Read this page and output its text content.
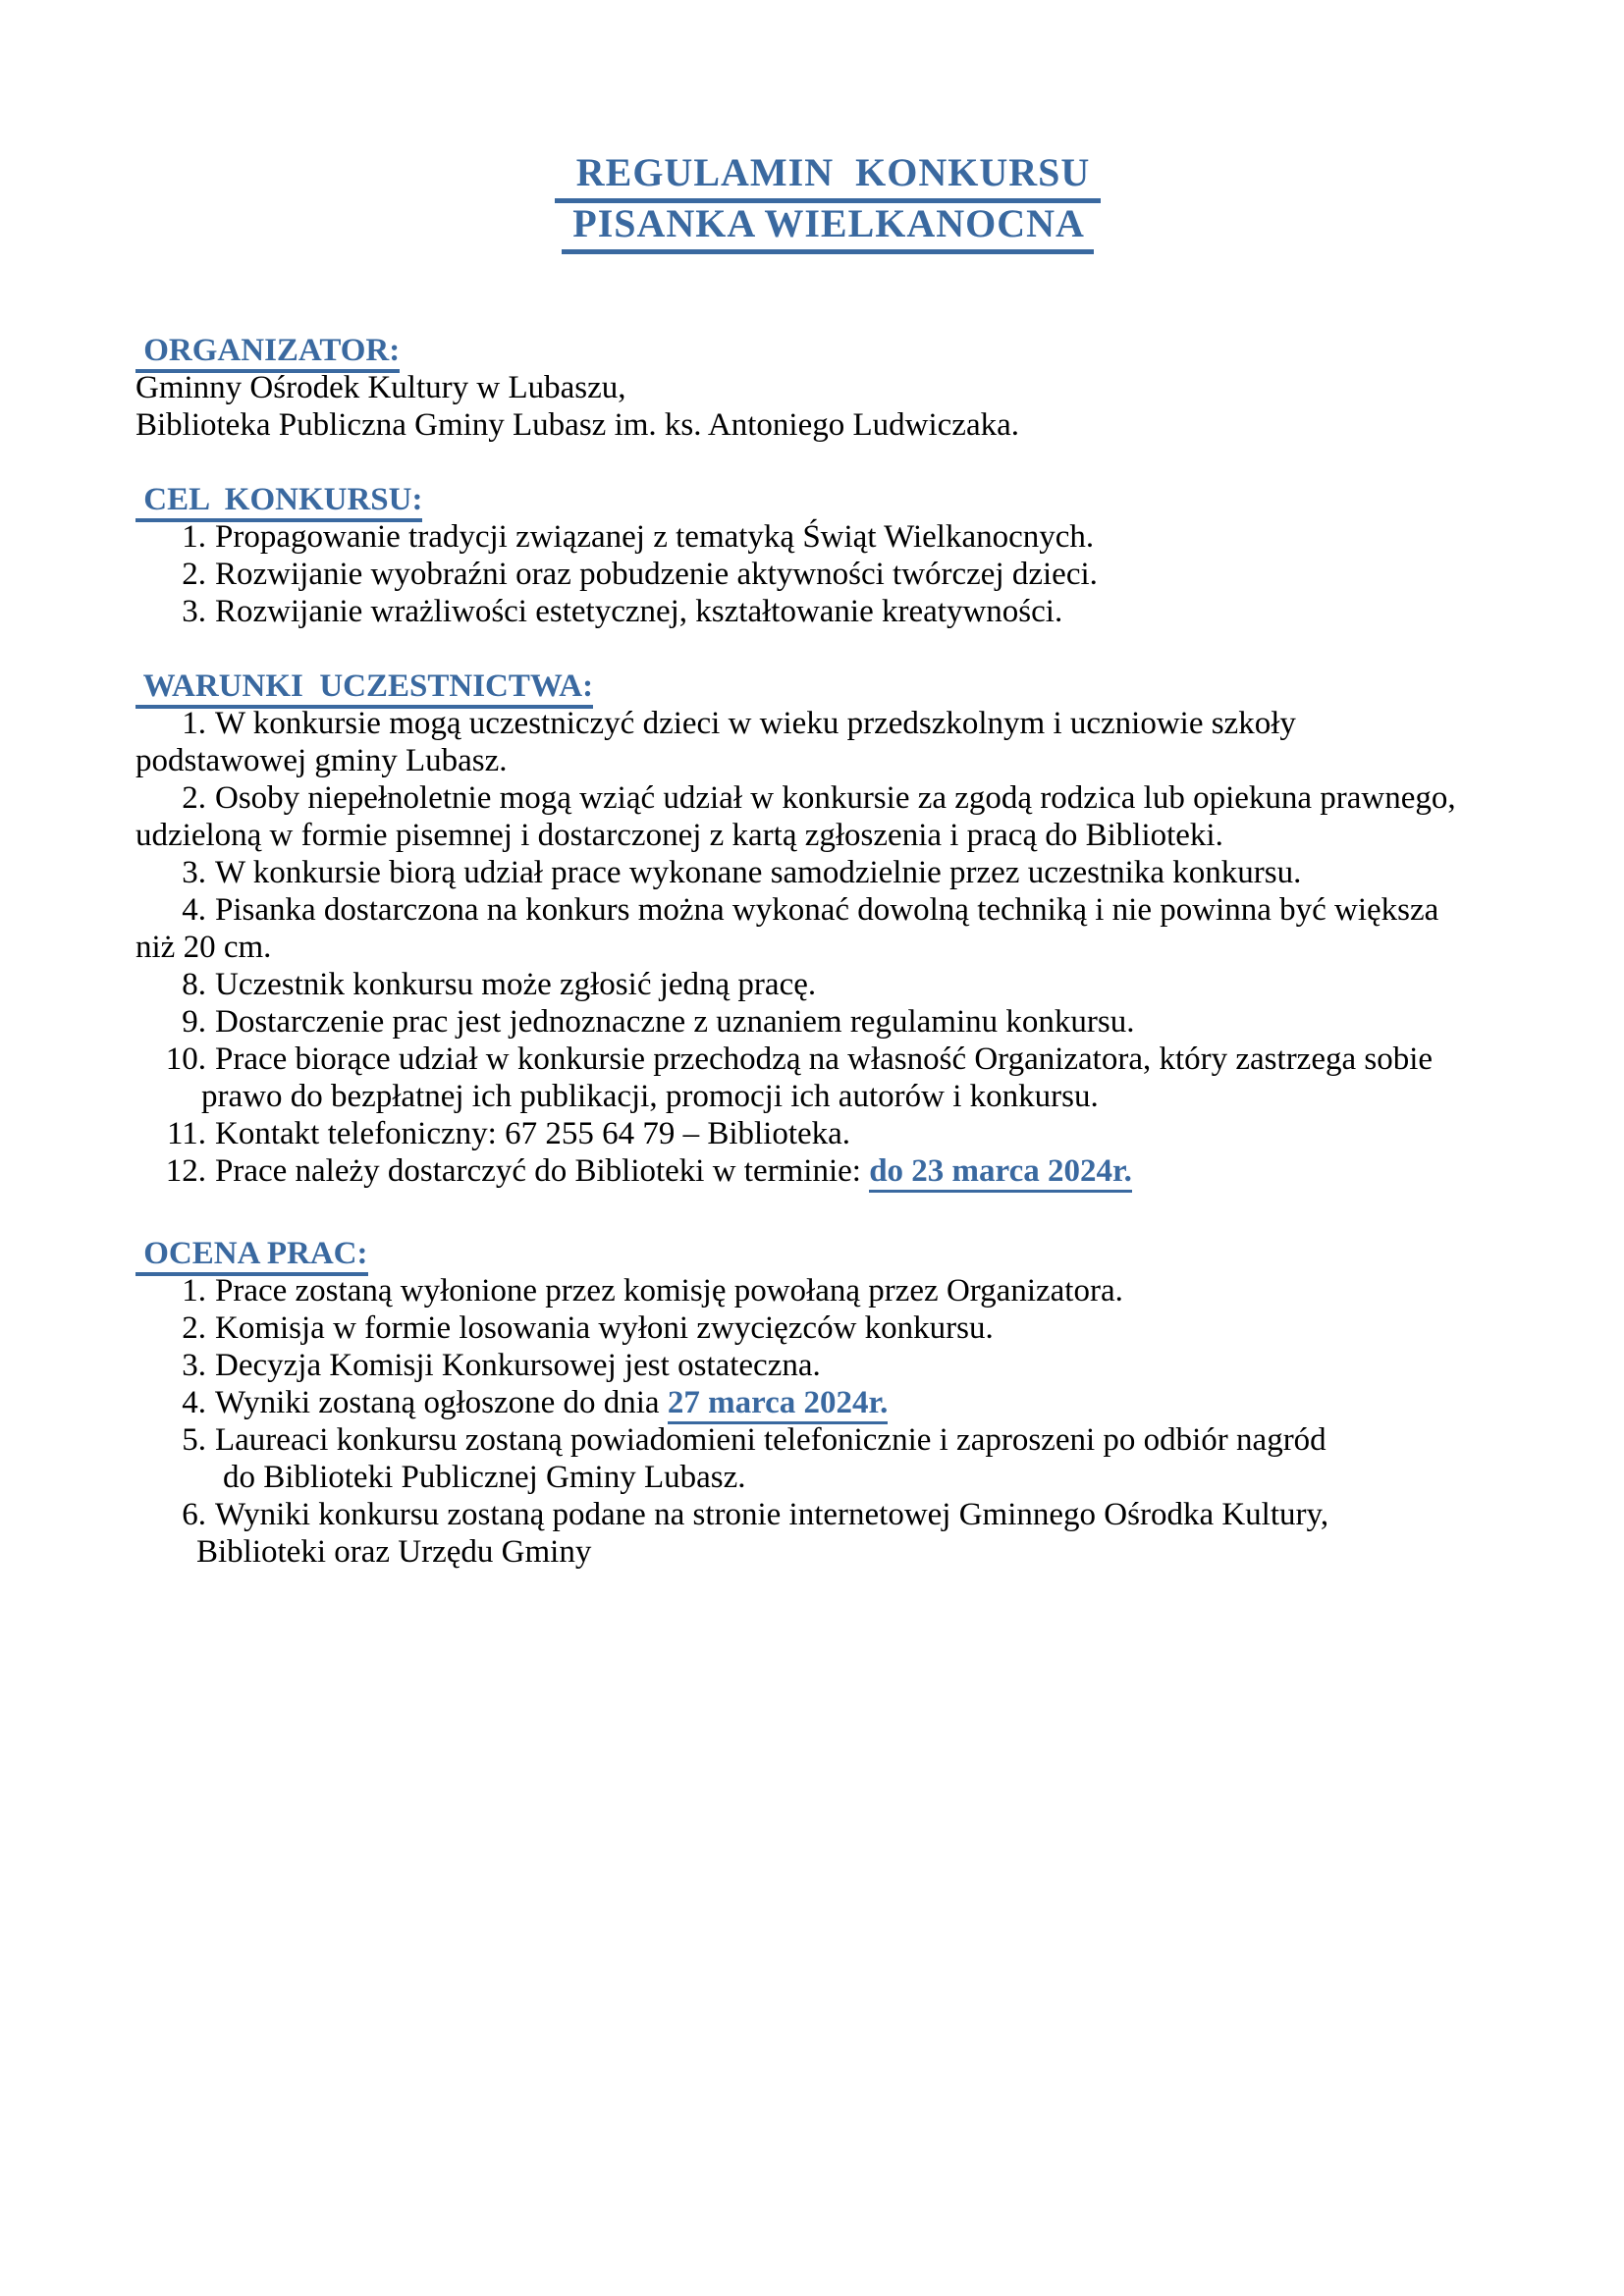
REGULAMIN  KONKURSU
PISANKA WIELKANOCNA
ORGANIZATOR:
Gminny Ośrodek Kultury w Lubaszu,
Biblioteka Publiczna Gminy Lubasz im. ks. Antoniego Ludwiczaka.
CEL  KONKURSU:
1. Propagowanie tradycji związanej z tematyką Świąt Wielkanocnych.
2. Rozwijanie wyobraźni oraz pobudzenie aktywności twórczej dzieci.
3. Rozwijanie wrażliwości estetycznej, kształtowanie kreatywności.
WARUNKI  UCZESTNICTWA:
1. W konkursie mogą uczestniczyć dzieci w wieku przedszkolnym i uczniowie szkoły
podstawowej gminy Lubasz.
2. Osoby niepełnoletnie mogą wziąć udział w konkursie za zgodą rodzica lub opiekuna prawnego,
udzieloną w formie pisemnej i dostarczonej z kartą zgłoszenia i pracą do Biblioteki.
3. W konkursie biorą udział prace wykonane samodzielnie przez uczestnika konkursu.
4. Pisanka dostarczona na konkurs można wykonać dowolną techniką i nie powinna być większa
niż 20 cm.
8. Uczestnik konkursu może zgłosić jedną pracę.
9. Dostarczenie prac jest jednoznaczne z uznaniem regulaminu konkursu.
10. Prace biorące udział w konkursie przechodzą na własność Organizatora, który zastrzega sobie
prawo do bezpłatnej ich publikacji, promocji ich autorów i konkursu.
11. Kontakt telefoniczny: 67 255 64 79 – Biblioteka.
12. Prace należy dostarczyć do Biblioteki w terminie: do 23 marca 2024r.
OCENA PRAC:
1. Prace zostaną wyłonione przez komisję powołaną przez Organizatora.
2. Komisja w formie losowania wyłoni zwycięzców konkursu.
3. Decyzja Komisji Konkursowej jest ostateczna.
4. Wyniki zostaną ogłoszone do dnia 27 marca 2024r.
5. Laureaci konkursu zostaną powiadomieni telefonicznie i zaproszeni po odbiór nagród
do Biblioteki Publicznej Gminy Lubasz.
6. Wyniki konkursu zostaną podane na stronie internetowej Gminnego Ośrodka Kultury,
Biblioteki oraz Urzędu Gminy
